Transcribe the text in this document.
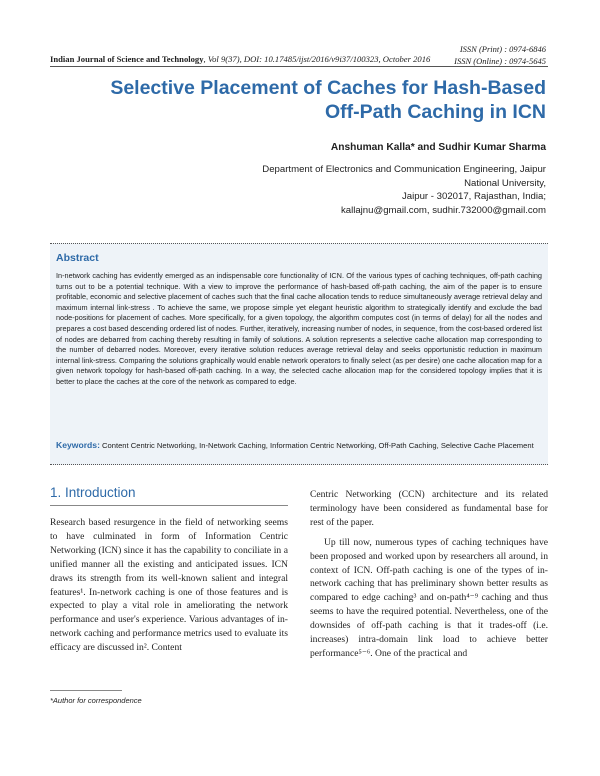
ISSN (Print) : 0974-6846
ISSN (Online) : 0974-5645
Indian Journal of Science and Technology, Vol 9(37), DOI: 10.17485/ijst/2016/v9i37/100323, October 2016
Selective Placement of Caches for Hash-Based
Off-Path Caching in ICN
Anshuman Kalla* and Sudhir Kumar Sharma
Department of Electronics and Communication Engineering, Jaipur National University,
Jaipur - 302017, Rajasthan, India;
kallajnu@gmail.com, sudhir.732000@gmail.com
Abstract
In-network caching has evidently emerged as an indispensable core functionality of ICN. Of the various types of caching techniques, off-path caching turns out to be a potential technique. With a view to improve the performance of hash-based off-path caching, the aim of the paper is to ensure profitable, economic and selective placement of caches such that the final cache allocation tends to reduce simultaneously average retrieval delay and maximum internal link-stress . To achieve the same, we propose simple yet elegant heuristic algorithm to strategically identify and exclude the bad node-positions for placement of caches. More specifically, for a given topology, the algorithm computes cost (in terms of delay) for all the nodes and prepares a cost based descending ordered list of nodes. Further, iteratively, increasing number of nodes, in sequence, from the cost-based ordered list of nodes are debarred from caching thereby resulting in family of solutions. A solution represents a selective cache allocation map corresponding to the number of debarred nodes. Moreover, every iterative solution reduces average retrieval delay and seeks opportunistic reduction in maximum internal link-stress. Comparing the solutions graphically would enable network operators to finally select (as per desire) one cache allocation map for a given network topology for hash-based off-path caching. In a way, the selected cache allocation map for the considered topology implies that it is better to place the caches at the core of the network as compared to edge.
Keywords: Content Centric Networking, In-Network Caching, Information Centric Networking, Off-Path Caching, Selective Cache Placement
1. Introduction

Research based resurgence in the field of networking seems to have culminated in form of Information Centric Networking (ICN) since it has the capability to conciliate in a unified manner all the existing and anticipated issues. ICN draws its strength from its well-known salient and integral features¹. In-network caching is one of those features and is expected to play a vital role in ameliorating the network performance and user's experience. Various advantages of in-network caching and performance metrics used to evaluate its efficacy are discussed in². Content

Centric Networking (CCN) architecture and its related terminology have been considered as fundamental base for rest of the paper.

Up till now, numerous types of caching techniques have been proposed and worked upon by researchers all around, in context of ICN. Off-path caching is one of the types of in-network caching that has preliminary shown better results as compared to edge caching³ and on-path⁴⁻⁹ caching and thus seems to have the required potential. Nevertheless, one of the downsides of off-path caching is that it trades-off (i.e. increases) intra-domain link load to achieve better performance⁵⁻⁶. One of the practical and

*Author for correspondence
